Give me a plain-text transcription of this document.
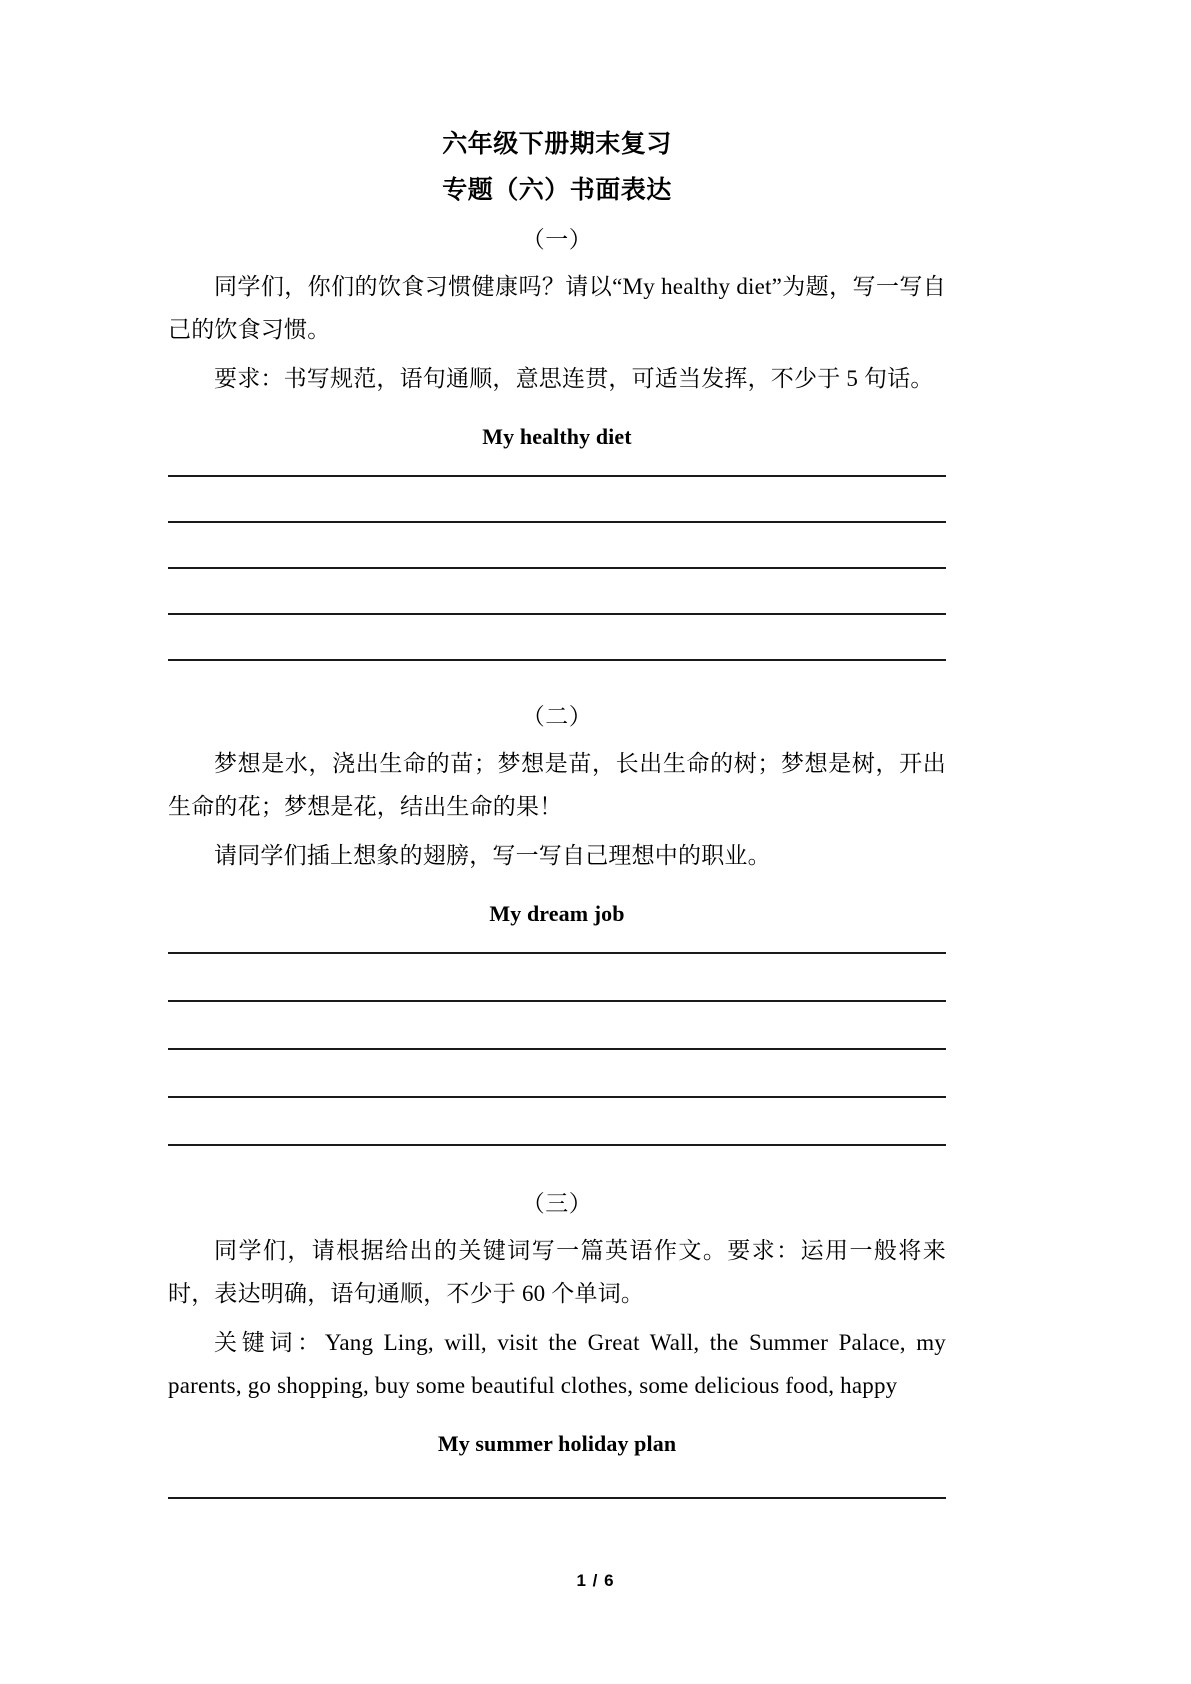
六年级下册期末复习
专题（六）书面表达
（一）
同学们，你们的饮食习惯健康吗？请以“My healthy diet”为题，写一写自己的饮食习惯。
要求：书写规范，语句通顺，意思连贯，可适当发挥，不少于 5 句话。
My healthy diet
（二）
梦想是水，浇出生命的苗；梦想是苗，长出生命的树；梦想是树，开出生命的花；梦想是花，结出生命的果！
请同学们插上想象的翅膀，写一写自己理想中的职业。
My dream job
（三）
同学们，请根据给出的关键词写一篇英语作文。要求：运用一般将来时，表达明确，语句通顺，不少于 60 个单词。
关键词：Yang Ling, will, visit the Great Wall, the Summer Palace, my parents, go shopping, buy some beautiful clothes, some delicious food, happy
My summer holiday plan
1 / 6
